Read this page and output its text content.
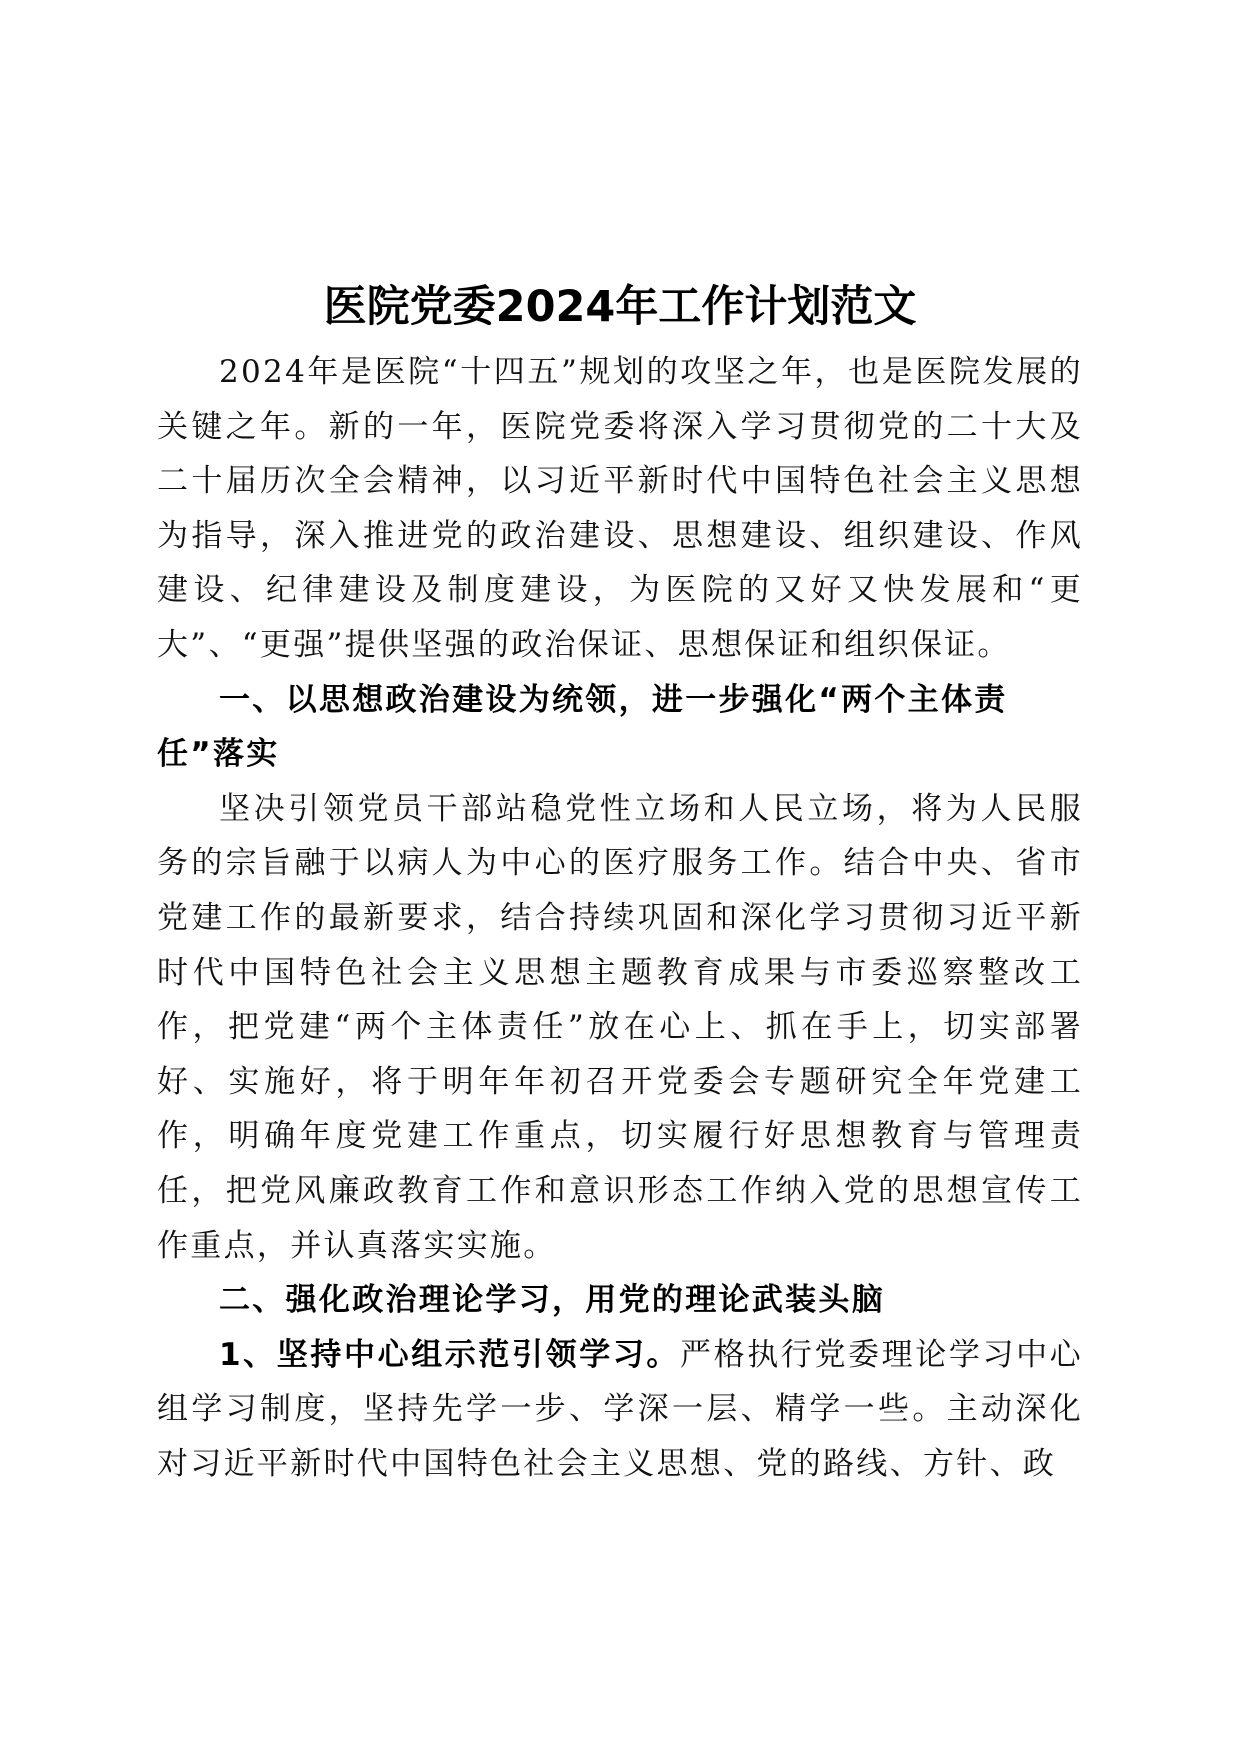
医院党委2024年工作计划范文

2024年是医院“十四五”规划的攻坚之年，也是医院发展的关键之年。新的一年，医院党委将深入学习贯彻党的二十大及二十届历次全会精神，以习近平新时代中国特色社会主义思想为指导，深入推进党的政治建设、思想建设、组织建设、作风建设、纪律建设及制度建设，为医院的又好又快发展和“更大”、“更强”提供坚强的政治保证、思想保证和组织保证。

一、以思想政治建设为统领，进一步强化“两个主体责任”落实

坚决引领党员干部站稳党性立场和人民立场，将为人民服务的宗旨融于以病人为中心的医疗服务工作。结合中央、省市党建工作的最新要求，结合持续巩固和深化学习贯彻习近平新时代中国特色社会主义思想主题教育成果与市委巡察整改工作，把党建“两个主体责任”放在心上、抓在手上，切实部署好、实施好，将于明年年初召开党委会专题研究全年党建工作，明确年度党建工作重点，切实履行好思想教育与管理责任，把党风廉政教育工作和意识形态工作纳入党的思想宣传工作重点，并认真落实实施。

二、强化政治理论学习，用党的理论武装头脑

1、坚持中心组示范引领学习。严格执行党委理论学习中心组学习制度，坚持先学一步、学深一层、精学一些。主动深化对习近平新时代中国特色社会主义思想、党的路线、方针、政
